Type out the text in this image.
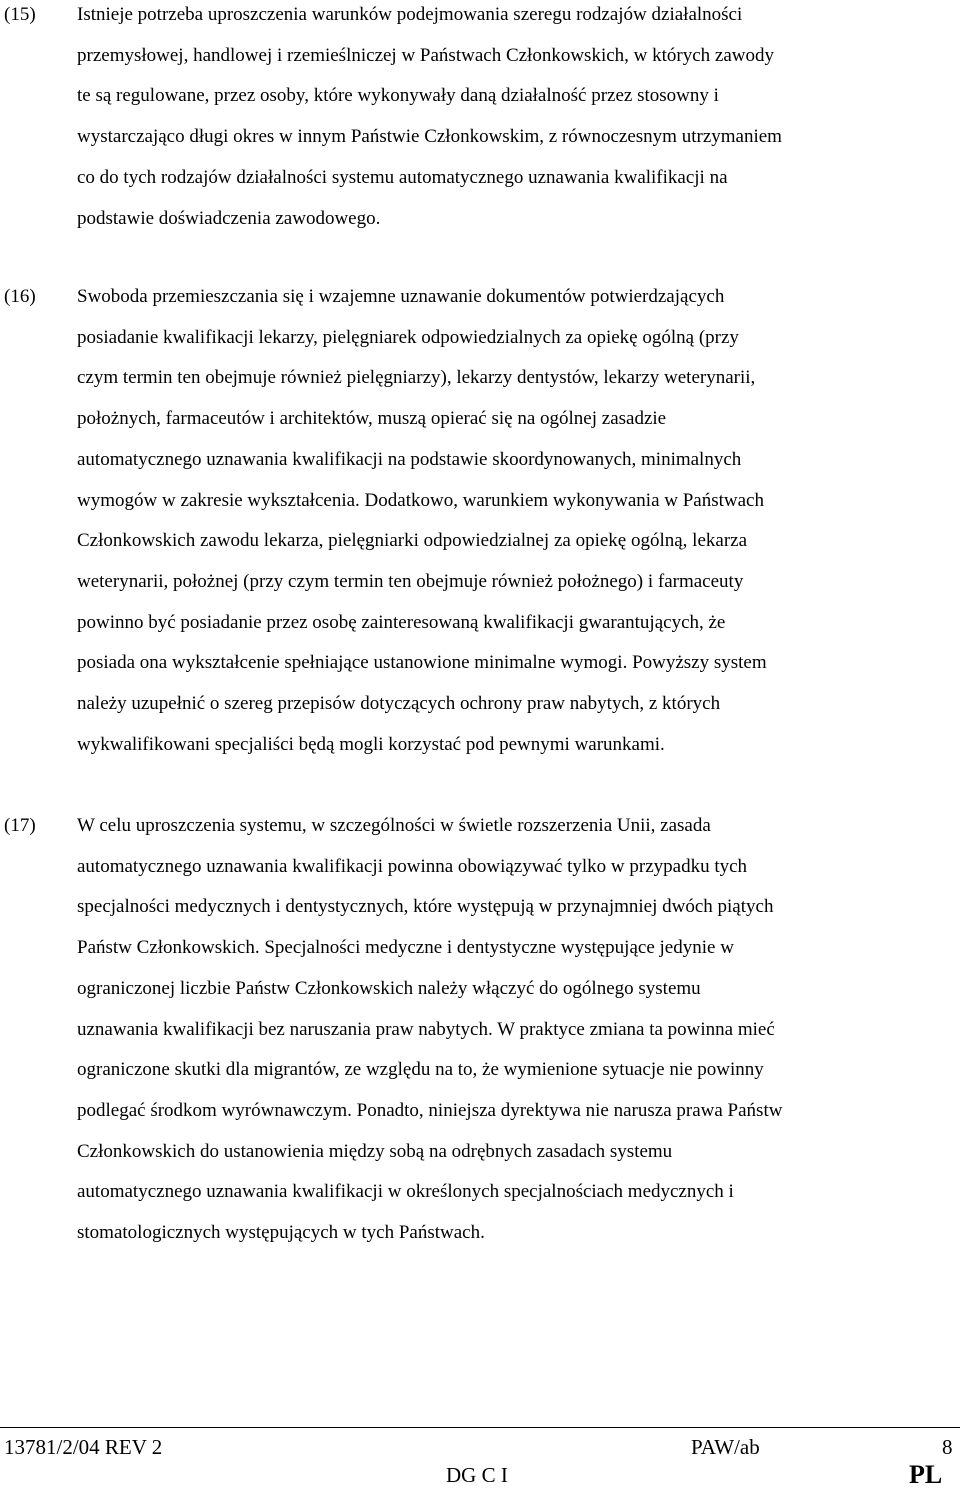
(15) Istnieje potrzeba uproszczenia warunków podejmowania szeregu rodzajów działalności
przemysłowej, handlowej i rzemieślniczej w Państwach Członkowskich, w których zawody
te są regulowane, przez osoby, które wykonywały daną działalność przez stosowny i
wystarczająco długi okres w innym Państwie Członkowskim, z równoczesnym utrzymaniem
co do tych rodzajów działalności systemu automatycznego uznawania kwalifikacji na
podstawie doświadczenia zawodowego.
(16) Swoboda przemieszczania się i wzajemne uznawanie dokumentów potwierdzających
posiadanie kwalifikacji lekarzy, pielęgniarek odpowiedzialnych za opiekę ogólną (przy
czym termin ten obejmuje również pielęgniarzy), lekarzy dentystów, lekarzy weterynarii,
położnych, farmaceutów i architektów, muszą opierać się na ogólnej zasadzie
automatycznego uznawania kwalifikacji na podstawie skoordynowanych, minimalnych
wymogów w zakresie wykształcenia. Dodatkowo, warunkiem wykonywania w Państwach
Członkowskich zawodu lekarza, pielęgniarki odpowiedzialnej za opiekę ogólną, lekarza
weterynarii, położnej (przy czym termin ten obejmuje również położnego) i farmaceuty
powinno być posiadanie przez osobę zainteresowaną kwalifikacji gwarantujących, że
posiada ona wykształcenie spełniające ustanowione minimalne wymogi. Powyższy system
należy uzupełnić o szereg przepisów dotyczących ochrony praw nabytych, z których
wykwalifikowani specjaliści będą mogli korzystać pod pewnymi warunkami.
(17) W celu uproszczenia systemu, w szczególności w świetle rozszerzenia Unii, zasada
automatycznego uznawania kwalifikacji powinna obowiązywać tylko w przypadku tych
specjalności medycznych i dentystycznych, które występują w przynajmniej dwóch piątych
Państw Członkowskich. Specjalności medyczne i dentystyczne występujące jedynie w
ograniczonej liczbie Państw Członkowskich należy włączyć do ogólnego systemu
uznawania kwalifikacji bez naruszania praw nabytych. W praktyce zmiana ta powinna mieć
ograniczone skutki dla migrantów, ze względu na to, że wymienione sytuacje nie powinny
podlegać środkom wyrównawczym. Ponadto, niniejsza dyrektywa nie narusza prawa Państw
Członkowskich do ustanowienia między sobą na odrębnych zasadach systemu
automatycznego uznawania kwalifikacji w określonych specjalnościach medycznych i
stomatologicznych występujących w tych Państwach.
13781/2/04 REV 2	PAW/ab	8
DG C I	PL
